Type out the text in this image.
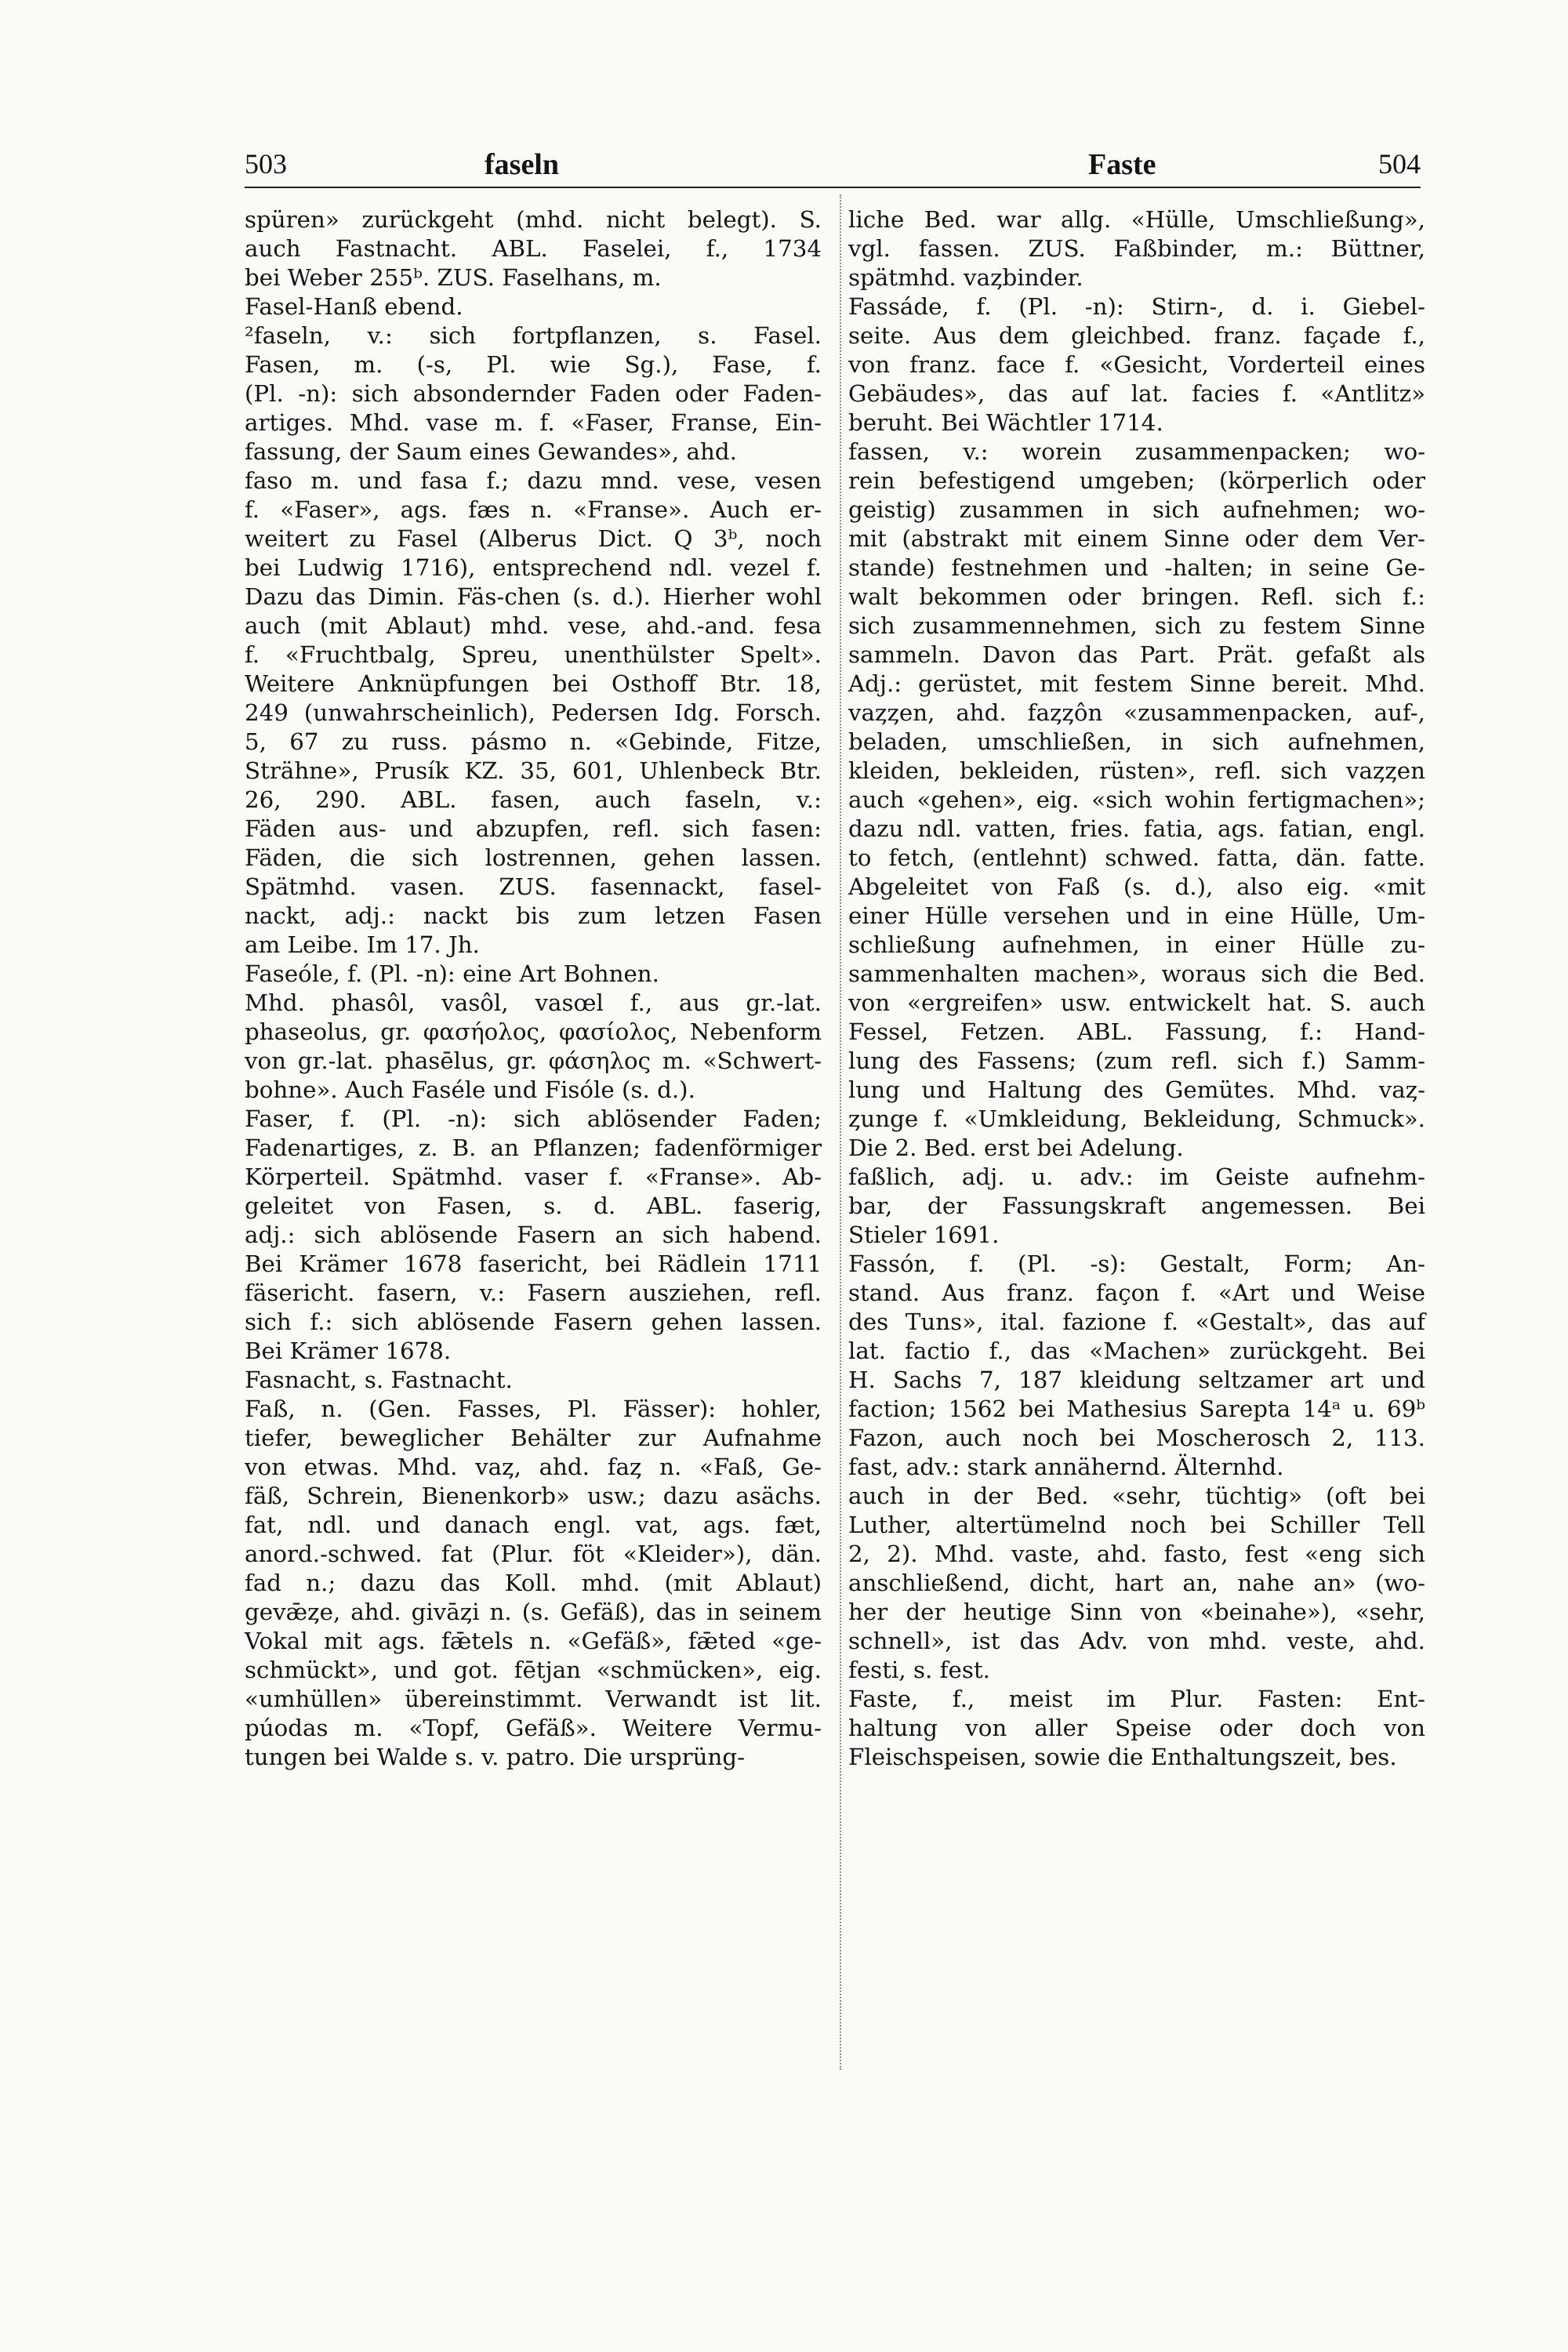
503	faseln	Faste	504
spüren» zurückgeht (mhd. nicht belegt). S.
auch Fastnacht. ABL. Faselei, f., 1734
bei Weber 255ᵇ. ZUS. Faselhans, m.
Fasel-Hanß ebend.
²faseln, v.: sich fortpflanzen, s. Fasel.
Fasen, m. (-s, Pl. wie Sg.), Fase, f.
(Pl. -n): sich absondernder Faden oder Faden-
artiges. Mhd. vase m. f. «Faser, Franse, Ein-
fassung, der Saum eines Gewandes», ahd.
faso m. und fasa f.; dazu mnd. vese, vesen
f. «Faser», ags. fæs n. «Franse». Auch er-
weitert zu Fasel (Alberus Dict. Q 3ᵇ, noch
bei Ludwig 1716), entsprechend ndl. vezel f.
Dazu das Dimin. Fäs-chen (s. d.). Hierher wohl
auch (mit Ablaut) mhd. vese, ahd.-and. fesa
f. «Fruchtbalg, Spreu, unenthülster Spelt».
Weitere Anknüpfungen bei Osthoff Btr. 18,
249 (unwahrscheinlich), Pedersen Idg. Forsch.
5, 67 zu russ. pásmo n. «Gebinde, Fitze,
Strähne», Prusík KZ. 35, 601, Uhlenbeck Btr.
26, 290. ABL. fasen, auch faseln, v.:
Fäden aus- und abzupfen, refl. sich fasen:
Fäden, die sich lostrennen, gehen lassen.
Spätmhd. vasen. ZUS. fasennackt, fasel-
nackt, adj.: nackt bis zum letzen Fasen
am Leibe. Im 17. Jh.
Faseóle, f. (Pl. -n): eine Art Bohnen.
Mhd. phasôl, vasôl, vasœl f., aus gr.-lat.
phaseolus, gr. φασήολος, φασίολος, Nebenform
von gr.-lat. phasēlus, gr. φάσηλος m. «Schwert-
bohne». Auch Faséle und Fisóle (s. d.).
Faser, f. (Pl. -n): sich ablösender Faden;
Fadenartiges, z. B. an Pflanzen; fadenförmiger
Körperteil. Spätmhd. vaser f. «Franse». Ab-
geleitet von Fasen, s. d. ABL. faserig,
adj.: sich ablösende Fasern an sich habend.
Bei Krämer 1678 fasericht, bei Rädlein 1711
fäsericht. fasern, v.: Fasern ausziehen, refl.
sich f.: sich ablösende Fasern gehen lassen.
Bei Krämer 1678.
Fasnacht, s. Fastnacht.
Faß, n. (Gen. Fasses, Pl. Fässer): hohler,
tiefer, beweglicher Behälter zur Aufnahme
von etwas. Mhd. vaȥ, ahd. faȥ n. «Faß, Ge-
fäß, Schrein, Bienenkorb» usw.; dazu asächs.
fat, ndl. und danach engl. vat, ags. fæt,
anord.-schwed. fat (Plur. föt «Kleider»), dän.
fad n.; dazu das Koll. mhd. (mit Ablaut)
gevǣȥe, ahd. givāȥi n. (s. Gefäß), das in seinem
Vokal mit ags. fǣtels n. «Gefäß», fǣted «ge-
schmückt», und got. fētjan «schmücken», eig.
«umhüllen» übereinstimmt. Verwandt ist lit.
púodas m. «Topf, Gefäß». Weitere Vermu-
tungen bei Walde s. v. patro. Die ursprüng-
liche Bed. war allg. «Hülle, Umschließung»,
vgl. fassen. ZUS. Faßbinder, m.: Büttner,
spätmhd. vaȥbinder.
Fassáde, f. (Pl. -n): Stirn-, d. i. Giebel-
seite. Aus dem gleichbed. franz. façade f.,
von franz. face f. «Gesicht, Vorderteil eines
Gebäudes», das auf lat. facies f. «Antlitz»
beruht. Bei Wächtler 1714.
fassen, v.: worein zusammenpacken; wo-
rein befestigend umgeben; (körperlich oder
geistig) zusammen in sich aufnehmen; wo-
mit (abstrakt mit einem Sinne oder dem Ver-
stande) festnehmen und -halten; in seine Ge-
walt bekommen oder bringen. Refl. sich f.:
sich zusammennehmen, sich zu festem Sinne
sammeln. Davon das Part. Prät. gefaßt als
Adj.: gerüstet, mit festem Sinne bereit. Mhd.
vaȥȥen, ahd. faȥȥôn «zusammenpacken, auf-,
beladen, umschließen, in sich aufnehmen,
kleiden, bekleiden, rüsten», refl. sich vaȥȥen
auch «gehen», eig. «sich wohin fertigmachen»;
dazu ndl. vatten, fries. fatia, ags. fatian, engl.
to fetch, (entlehnt) schwed. fatta, dän. fatte.
Abgeleitet von Faß (s. d.), also eig. «mit
einer Hülle versehen und in eine Hülle, Um-
schließung aufnehmen, in einer Hülle zu-
sammenhalten machen», woraus sich die Bed.
von «ergreifen» usw. entwickelt hat. S. auch
Fessel, Fetzen. ABL. Fassung, f.: Hand-
lung des Fassens; (zum refl. sich f.) Samm-
lung und Haltung des Gemütes. Mhd. vaȥ-
ȥunge f. «Umkleidung, Bekleidung, Schmuck».
Die 2. Bed. erst bei Adelung.
faßlich, adj. u. adv.: im Geiste aufnehm-
bar, der Fassungskraft angemessen. Bei
Stieler 1691.
Fassón, f. (Pl. -s): Gestalt, Form; An-
stand. Aus franz. façon f. «Art und Weise
des Tuns», ital. fazione f. «Gestalt», das auf
lat. factio f., das «Machen» zurückgeht. Bei
H. Sachs 7, 187 kleidung seltzamer art und
faction; 1562 bei Mathesius Sarepta 14ᵃ u. 69ᵇ
Fazon, auch noch bei Moscherosch 2, 113.
fast, adv.: stark annähernd. Älternhd.
auch in der Bed. «sehr, tüchtig» (oft bei
Luther, altertümelnd noch bei Schiller Tell
2, 2). Mhd. vaste, ahd. fasto, fest «eng sich
anschließend, dicht, hart an, nahe an» (wo-
her der heutige Sinn von «beinahe»), «sehr,
schnell», ist das Adv. von mhd. veste, ahd.
festi, s. fest.
Faste, f., meist im Plur. Fasten: Ent-
haltung von aller Speise oder doch von
Fleischspeisen, sowie die Enthaltungszeit, bes.
